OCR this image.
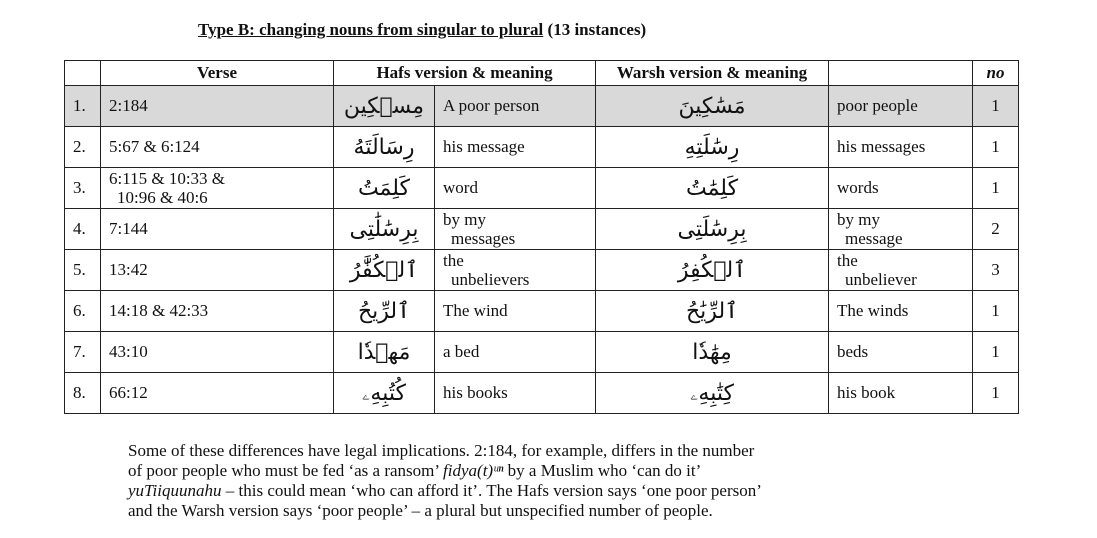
Type B: changing nouns from singular to plural (13 instances)
	Verse	Hafs version & meaning		Warsh version & meaning		no
1.	2:184	مِسۡكِين	A poor person	مَسَٰكِينَ	poor people	1
2.	5:67 & 6:124	رِسَالَتَهُ	his message	رِسَٰلَتِهِ	his messages	1
3.	6:115 & 10:33 &
10:96 & 40:6	كَلِمَتُ	word	كَلِمَٰتُ	words	1
4.	7:144	بِرِسَٰلَٰتِى	by my
messages	بِرِسَٰلَتِى	by my
message	2
5.	13:42	ٱلۡكُفَّٰرُ	the
unbelievers	ٱلۡكُفِرُ	the
unbeliever	3
6.	14:18 & 42:33	ٱلرِّيحُ	The wind	ٱلرِّيَٰحُ	The winds	1
7.	43:10	مَهۡدٗا	a bed	مِهَٰدٗا	beds	1
8.	66:12	كُتُبِهِۦ	his books	كِتَٰبِهِۦ	his book	1
Some of these differences have legal implications. 2:184, for example, differs in the number
of poor people who must be fed ‘as a ransom’ fidya(t)ᵘⁿ by a Muslim who ‘can do it’
yuTiiquunahu – this could mean ‘who can afford it’. The Hafs version says ‘one poor person’
and the Warsh version says ‘poor people’ – a plural but unspecified number of people.
